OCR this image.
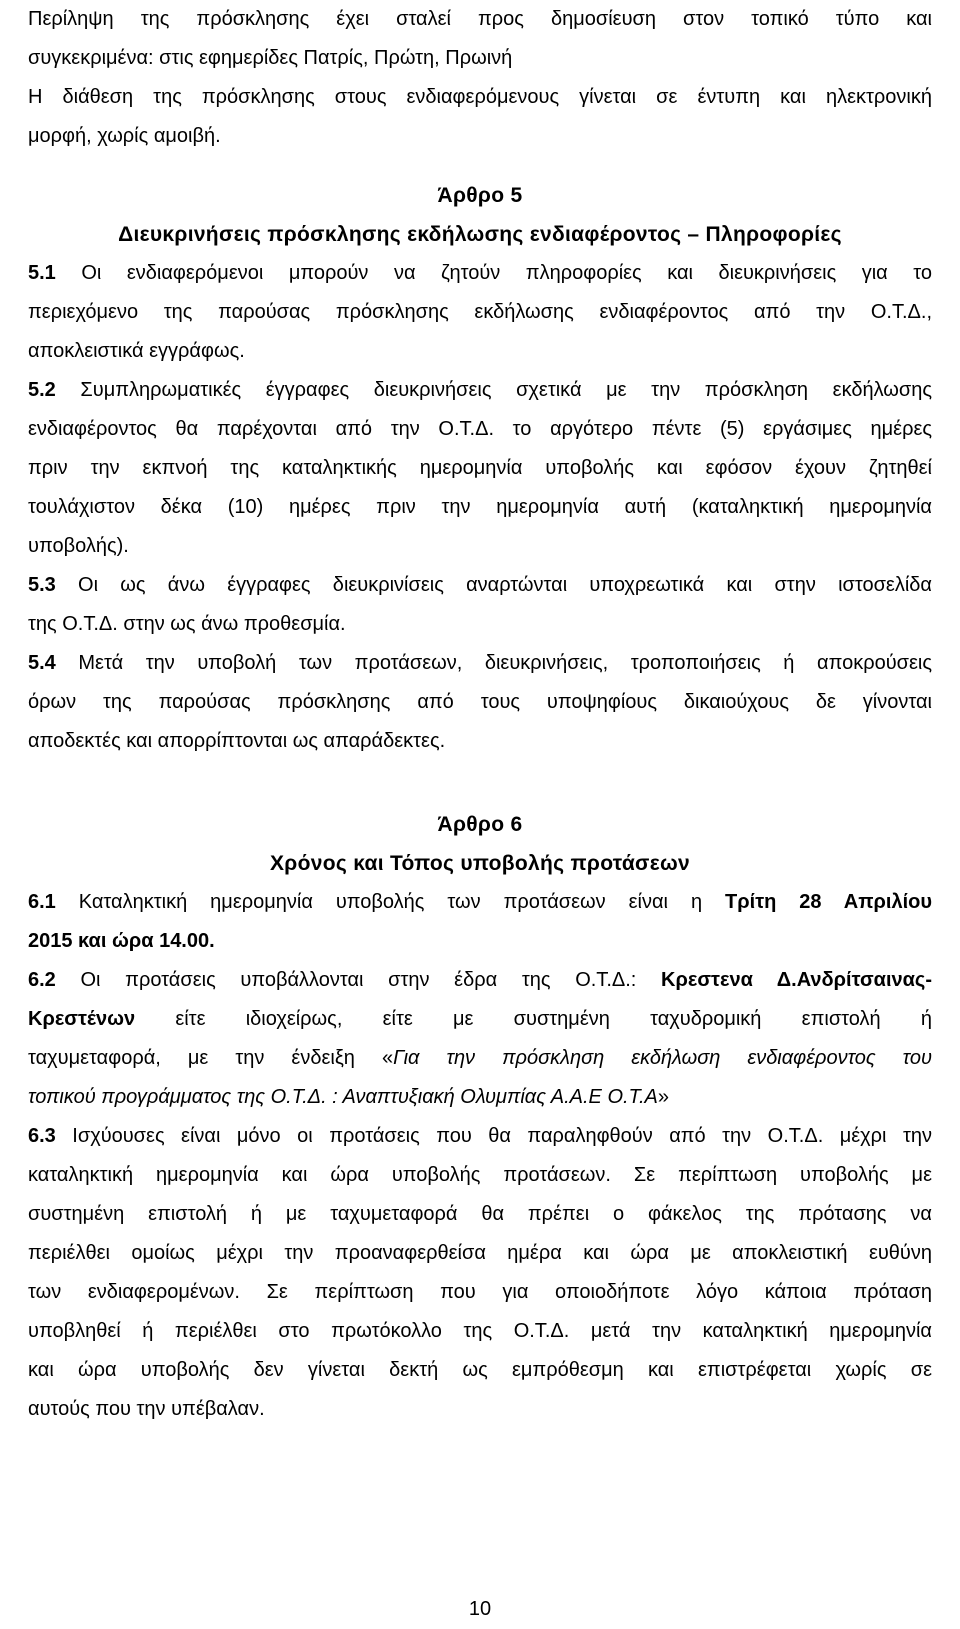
Περίληψη της πρόσκλησης έχει σταλεί προς δημοσίευση στον τοπικό τύπο και
συγκεκριμένα: στις εφημερίδες Πατρίς, Πρώτη, Πρωινή
Η διάθεση της πρόσκλησης στους ενδιαφερόμενους γίνεται σε έντυπη και ηλεκτρονική
μορφή, χωρίς αμοιβή.
Άρθρο 5
Διευκρινήσεις πρόσκλησης εκδήλωσης ενδιαφέροντος – Πληροφορίες
5.1 Οι ενδιαφερόμενοι μπορούν να ζητούν πληροφορίες και διευκρινήσεις για το
περιεχόμενο της παρούσας πρόσκλησης εκδήλωσης ενδιαφέροντος από την Ο.Τ.Δ.,
αποκλειστικά εγγράφως.
5.2 Συμπληρωματικές έγγραφες διευκρινήσεις σχετικά με την πρόσκληση εκδήλωσης
ενδιαφέροντος θα παρέχονται από την Ο.Τ.Δ. το αργότερο πέντε (5) εργάσιμες ημέρες
πριν την εκπνοή της καταληκτικής ημερομηνία υποβολής και εφόσον έχουν ζητηθεί
τουλάχιστον δέκα (10) ημέρες πριν την ημερομηνία αυτή (καταληκτική ημερομηνία
υποβολής).
5.3 Οι ως άνω έγγραφες διευκρινίσεις αναρτώνται υποχρεωτικά και στην ιστοσελίδα
της Ο.Τ.Δ. στην ως άνω προθεσμία.
5.4 Μετά την υποβολή των προτάσεων, διευκρινήσεις, τροποποιήσεις ή αποκρούσεις
όρων της παρούσας πρόσκλησης από τους υποψηφίους δικαιούχους δε γίνονται
αποδεκτές και απορρίπτονται ως απαράδεκτες.
Άρθρο 6
Χρόνος και Τόπος υποβολής προτάσεων
6.1 Καταληκτική ημερομηνία υποβολής των προτάσεων είναι η Τρίτη 28 Απριλίου
2015 και ώρα 14.00.
6.2 Οι προτάσεις υποβάλλονται στην έδρα της Ο.Τ.Δ.: Κρεστενα Δ.Ανδρίτσαινας-
Κρεστένων είτε ιδιοχείρως, είτε με συστημένη ταχυδρομική επιστολή ή
ταχυμεταφορά, με την ένδειξη «Για την πρόσκληση εκδήλωση ενδιαφέροντος του
τοπικού προγράμματος της Ο.Τ.Δ. : Αναπτυξιακή Ολυμπίας Α.Α.Ε Ο.Τ.Α»
6.3 Ισχύουσες είναι μόνο οι προτάσεις που θα παραληφθούν από την Ο.Τ.Δ. μέχρι την
καταληκτική ημερομηνία και ώρα υποβολής προτάσεων. Σε περίπτωση υποβολής με
συστημένη επιστολή ή με ταχυμεταφορά θα πρέπει ο φάκελος της πρότασης να
περιέλθει ομοίως μέχρι την προαναφερθείσα ημέρα και ώρα με αποκλειστική ευθύνη
των ενδιαφερομένων. Σε περίπτωση που για οποιοδήποτε λόγο κάποια πρόταση
υποβληθεί ή περιέλθει στο πρωτόκολλο της Ο.Τ.Δ. μετά την καταληκτική ημερομηνία
και ώρα υποβολής δεν γίνεται δεκτή ως εμπρόθεσμη και επιστρέφεται χωρίς σε
αυτούς που την υπέβαλαν.
10
